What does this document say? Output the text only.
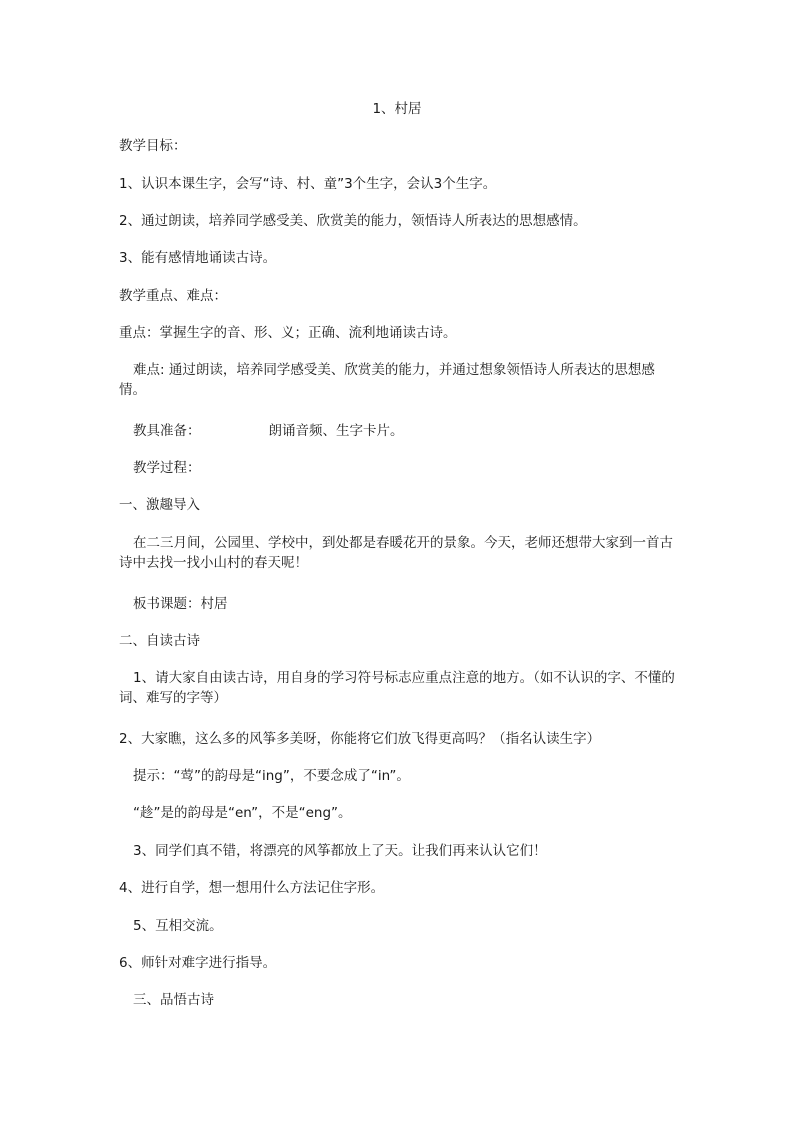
1、村居
教学目标：
1、认识本课生字，会写“诗、村、童”3个生字，会认3个生字。
2、通过朗读，培养同学感受美、欣赏美的能力，领悟诗人所表达的思想感情。
3、能有感情地诵读古诗。
教学重点、难点：
重点：掌握生字的音、形、义；正确、流利地诵读古诗。
难点: 通过朗读，培养同学感受美、欣赏美的能力，并通过想象领悟诗人所表达的思想感情。
教具准备：	朗诵音频、生字卡片。
教学过程：
一、激趣导入
在二三月间，公园里、学校中，到处都是春暖花开的景象。今天，老师还想带大家到一首古诗中去找一找小山村的春天呢！
板书课题：村居
二、自读古诗
1、请大家自由读古诗，用自身的学习符号标志应重点注意的地方。（如不认识的字、不懂的词、难写的字等）
2、大家瞧，这么多的风筝多美呀，你能将它们放飞得更高吗？（指名认读生字）
提示：“莺”的韵母是“ing”，不要念成了“in”。
“趁”是的韵母是“en”，不是“eng”。
3、同学们真不错，将漂亮的风筝都放上了天。让我们再来认认它们！
4、进行自学，想一想用什么方法记住字形。
5、互相交流。
6、师针对难字进行指导。
三、品悟古诗
